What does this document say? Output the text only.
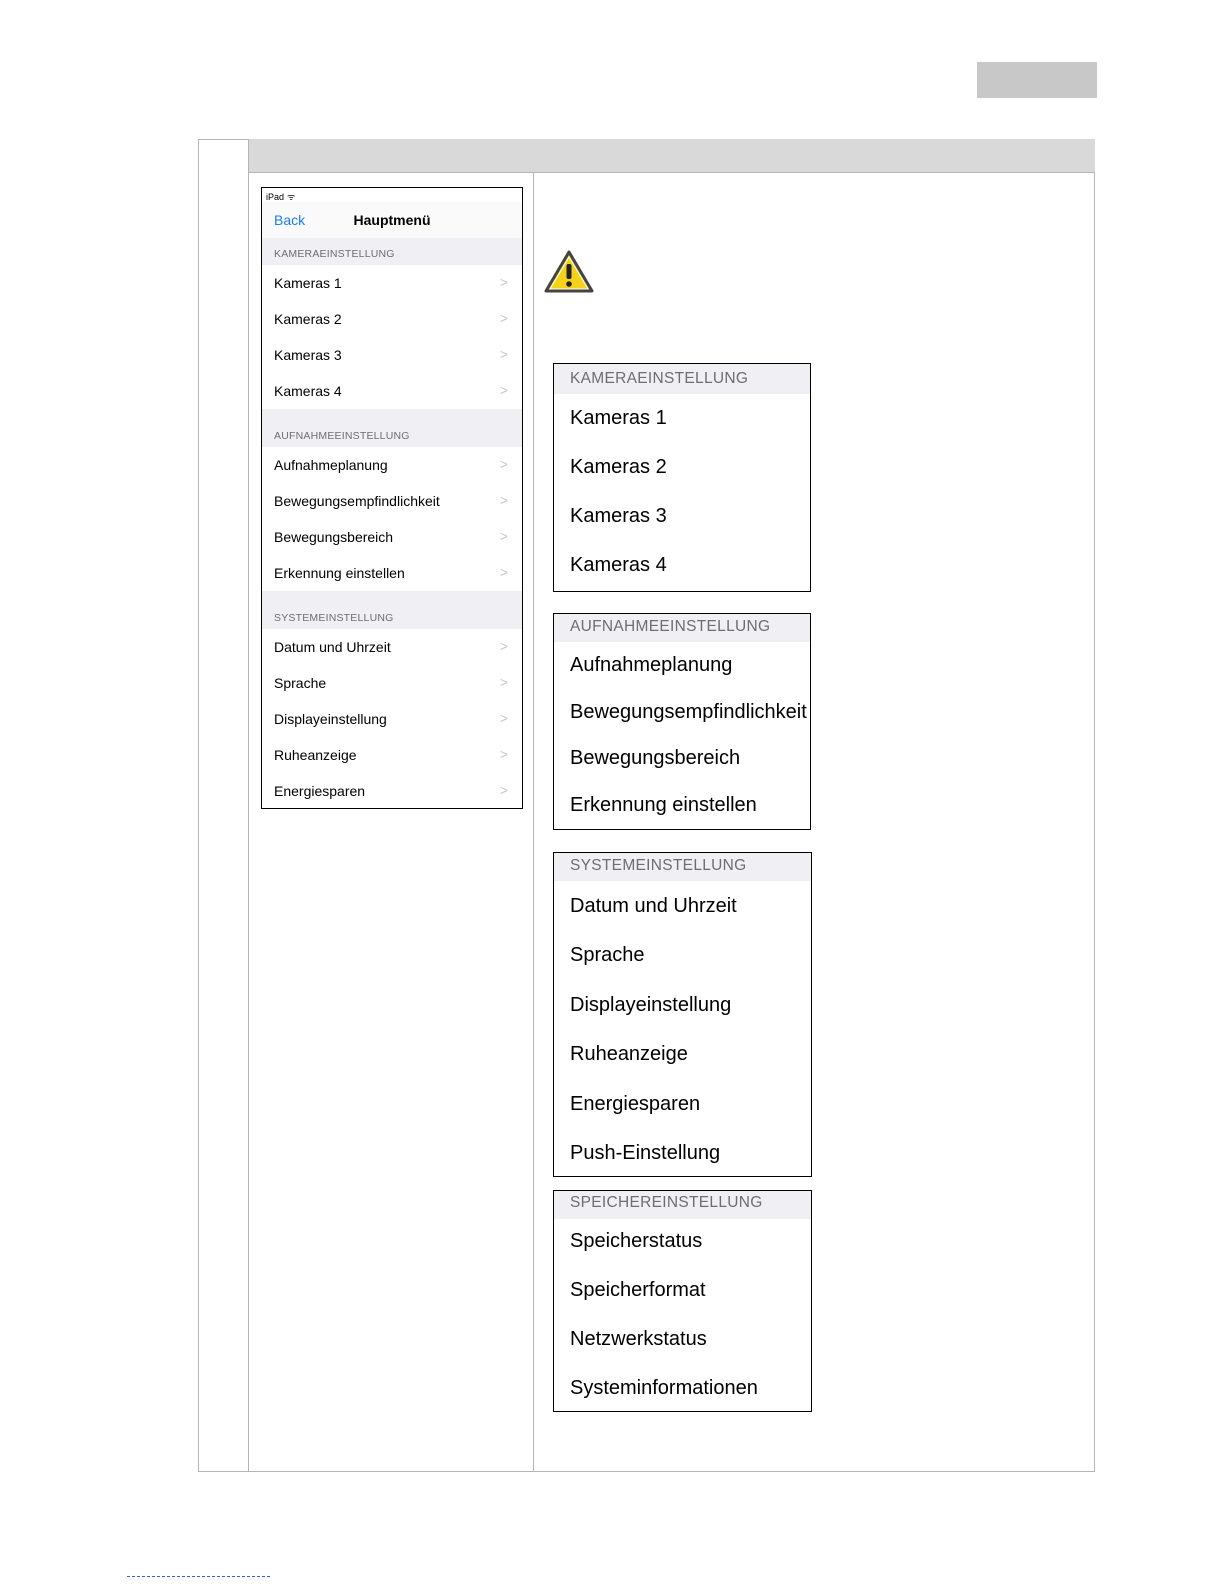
iPad ᯤ
Back	Hauptmenü
KAMERAEINSTELLUNG
Kameras 1	>
Kameras 2	>
Kameras 3	>
Kameras 4	>
AUFNAHMEEINSTELLUNG
Aufnahmeplanung	>
Bewegungsempfindlichkeit	>
Bewegungsbereich	>
Erkennung einstellen	>
SYSTEMEINSTELLUNG
Datum und Uhrzeit	>
Sprache	>
Displayeinstellung	>
Ruheanzeige	>
Energiesparen	>
KAMERAEINSTELLUNG
Kameras 1
Kameras 2
Kameras 3
Kameras 4
AUFNAHMEEINSTELLUNG
Aufnahmeplanung
Bewegungsempfindlichkeit
Bewegungsbereich
Erkennung einstellen
SYSTEMEINSTELLUNG
Datum und Uhrzeit
Sprache
Displayeinstellung
Ruheanzeige
Energiesparen
Push-Einstellung
SPEICHEREINSTELLUNG
Speicherstatus
Speicherformat
Netzwerkstatus
Systeminformationen
